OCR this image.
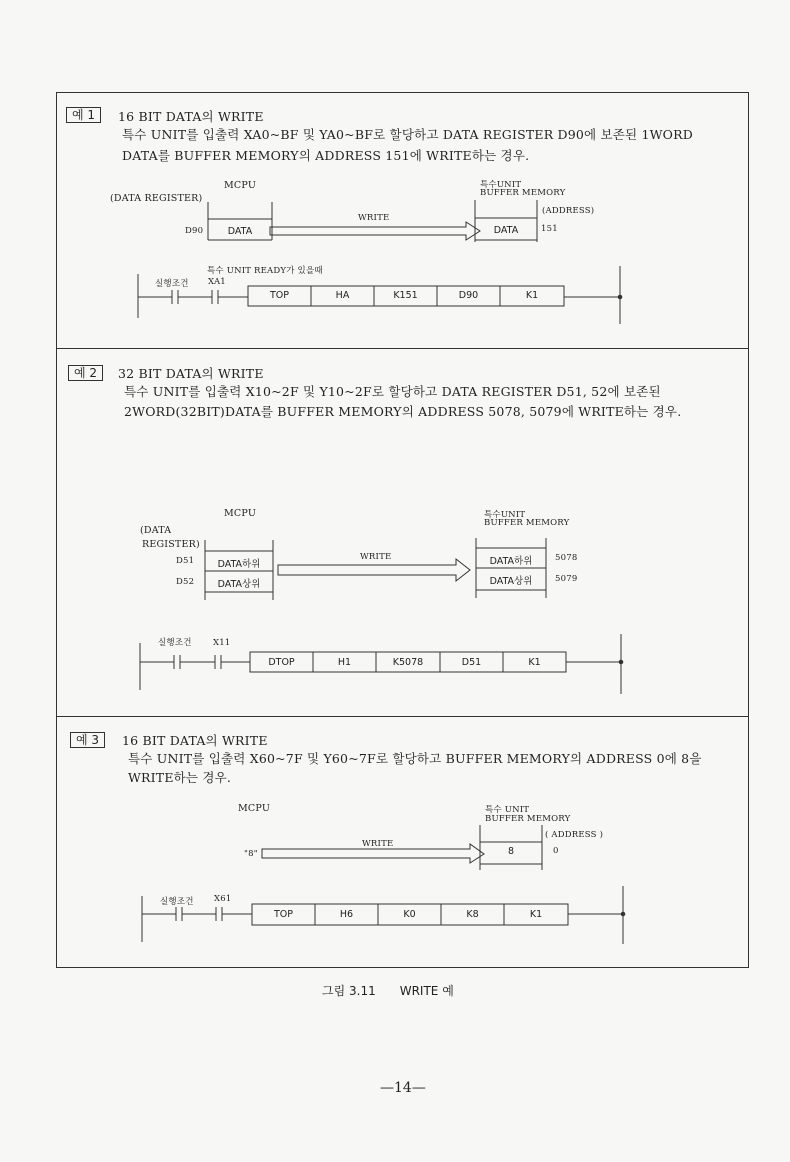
예 1	16 BIT DATA의 WRITE
특수 UNIT를 입출력 XA0~BF 및 YA0~BF로 할당하고 DATA REGISTER D90에 보존된 1WORD
DATA를 BUFFER MEMORY의 ADDRESS 151에 WRITE하는 경우.
MCPU
(DATA REGISTER)
특수UNIT
BUFFER MEMORY
(ADDRESS)
D90	DATA
WRITE
DATA	151
특수 UNIT READY가 있을때
실행조건 XA1
TOP	HA	K151	D90	K1
예 2	32 BIT DATA의 WRITE
특수 UNIT를 입출력 X10~2F 및 Y10~2F로 할당하고 DATA REGISTER D51, 52에 보존된
2WORD(32BIT)DATA를 BUFFER MEMORY의 ADDRESS 5078, 5079에 WRITE하는 경우.
MCPU
(DATA
REGISTER)
특수UNIT
BUFFER MEMORY
D51
D52
DATA하위
DATA상위
WRITE	DATA하위
DATA상위
5078
5079
실행조건	X11
DTOP	H1	K5078	D51	K1
예 3	16 BIT DATA의 WRITE
특수 UNIT를 입출력 X60~7F 및 Y60~7F로 할당하고 BUFFER MEMORY의 ADDRESS 0에 8을
WRITE하는 경우.
MCPU	특수 UNIT
BUFFER MEMORY
( ADDRESS )
"8"
WRITE
8	0
실행조건 X61
TOP	H6	K0	K8	K1
그림 3.11 WRITE 예
—14—
